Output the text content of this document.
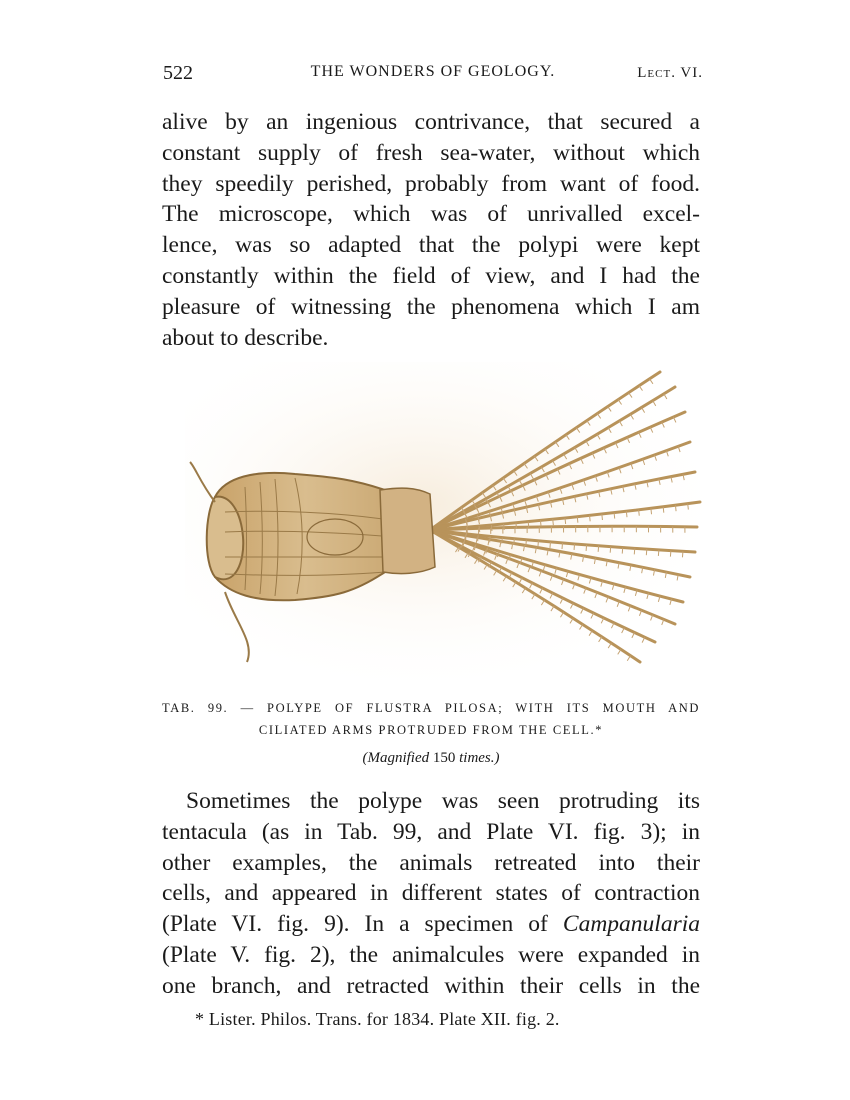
522	THE WONDERS OF GEOLOGY.	Lect. VI.
alive by an ingenious contrivance, that secured a
constant supply of fresh sea-water, without which
they speedily perished, probably from want of food.
The microscope, which was of unrivalled excel-
lence, was so adapted that the polypi were kept
constantly within the field of view, and I had the
pleasure of witnessing the phenomena which I am
about to describe.
TAB. 99. — POLYPE OF FLUSTRA PILOSA; WITH ITS MOUTH AND
CILIATED ARMS PROTRUDED FROM THE CELL.*
(Magnified 150 times.)
Sometimes the polype was seen protruding its
tentacula (as in Tab. 99, and Plate VI. fig. 3); in
other examples, the animals retreated into their
cells, and appeared in different states of contraction
(Plate VI. fig. 9). In a specimen of Campanularia
(Plate V. fig. 2), the animalcules were expanded in
one branch, and retracted within their cells in the
* Lister. Philos. Trans. for 1834. Plate XII. fig. 2.
